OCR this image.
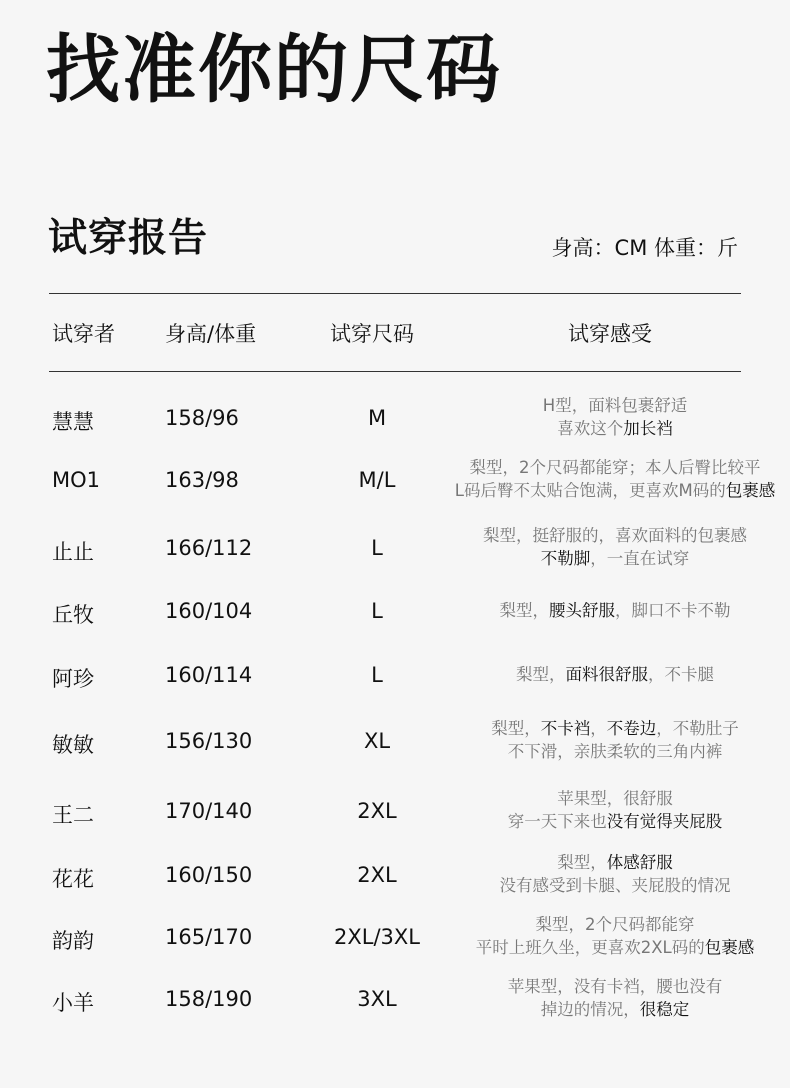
找准你的尺码
试穿报告	身高：CM 体重：斤
试穿者 身高/体重	试穿尺码	试穿感受
慧慧	158/96	M
H型，面料包裹舒适
喜欢这个加长裆
MO1	163/98	M/L
梨型，2个尺码都能穿；本人后臀比较平
L码后臀不太贴合饱满，更喜欢M码的包裹感
止止	166/112	L
梨型，挺舒服的，喜欢面料的包裹感
不勒脚，一直在试穿
丘牧	160/104	L	梨型，腰头舒服，脚口不卡不勒
阿珍	160/114	L	梨型，面料很舒服，不卡腿
敏敏	156/130	XL
梨型，不卡裆，不卷边，不勒肚子
不下滑，亲肤柔软的三角内裤
王二	170/140	2XL
苹果型，很舒服
穿一天下来也没有觉得夹屁股
花花	160/150	2XL
梨型，体感舒服
没有感受到卡腿、夹屁股的情况
韵韵	165/170	2XL/3XL
梨型，2个尺码都能穿
平时上班久坐，更喜欢2XL码的包裹感
小羊	158/190	3XL
苹果型，没有卡裆，腰也没有
掉边的情况，很稳定
